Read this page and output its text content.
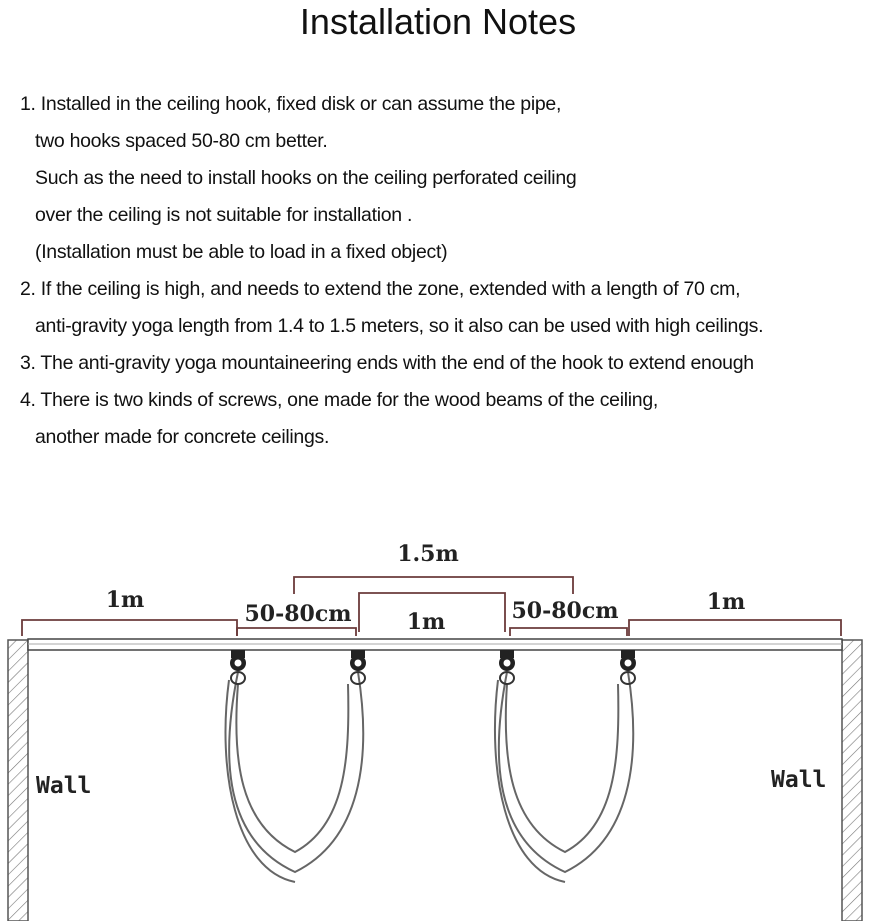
Installation Notes
1. Installed in the ceiling hook, fixed disk or can assume the pipe,
two hooks spaced 50-80 cm better.
Such as the need to install hooks on the ceiling perforated ceiling
over the ceiling is not suitable for installation .
(Installation must be able to load in a fixed object)
2. If the ceiling is high, and needs to extend the zone, extended with a length of 70 cm,
anti-gravity yoga length from 1.4 to 1.5 meters, so it also can be used with high ceilings.
3. The anti-gravity yoga mountaineering ends with the end of the hook to extend enough
4. There is two kinds of screws, one made for the wood beams of the ceiling,
another made for concrete ceilings.
1.5m
1m
50-80cm	1m	50-80cm	1m
Wall	Wall
